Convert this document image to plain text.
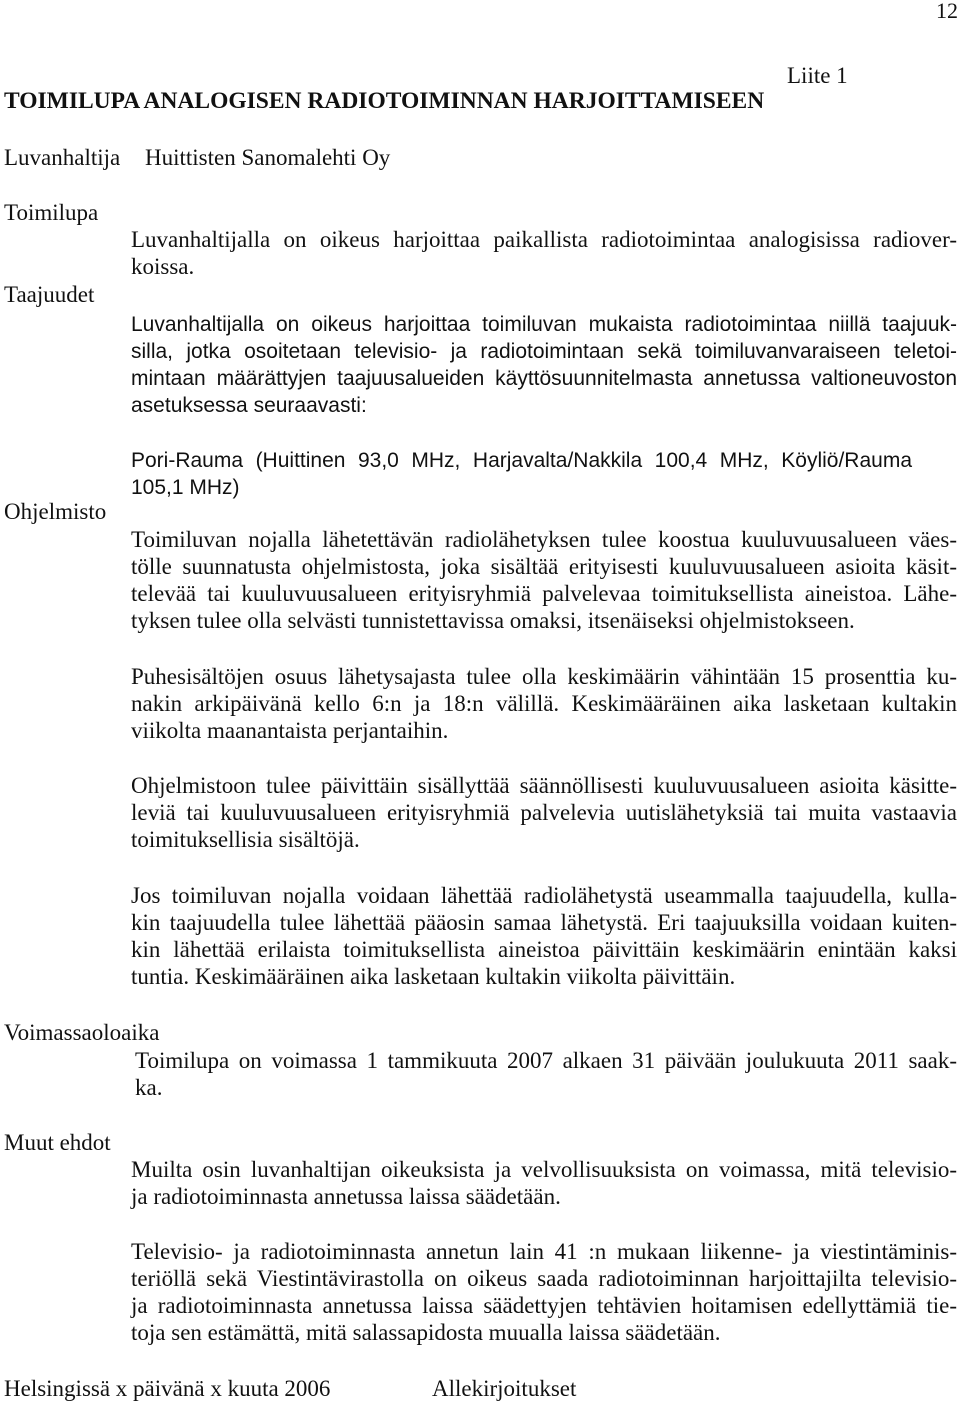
12
Liite 1
TOIMILUPA ANALOGISEN RADIOTOIMINNAN HARJOITTAMISEEN
Luvanhaltija Huittisten Sanomalehti Oy
Toimilupa
Luvanhaltijalla on oikeus harjoittaa paikallista radiotoimintaa analogisissa radiover-
koissa.
Taajuudet
Luvanhaltijalla on oikeus harjoittaa toimiluvan mukaista radiotoimintaa niillä taajuuk-
silla, jotka osoitetaan televisio- ja radiotoimintaan sekä toimiluvanvaraiseen teletoi-
mintaan määrättyjen taajuusalueiden käyttösuunnitelmasta annetussa valtioneuvoston
asetuksessa seuraavasti:
Pori-Rauma (Huittinen 93,0 MHz, Harjavalta/Nakkila 100,4 MHz, Köyliö/Rauma
105,1 MHz)
Ohjelmisto
Toimiluvan nojalla lähetettävän radiolähetyksen tulee koostua kuuluvuusalueen väes-
tölle suunnatusta ohjelmistosta, joka sisältää erityisesti kuuluvuusalueen asioita käsit-
televää tai kuuluvuusalueen erityisryhmiä palvelevaa toimituksellista aineistoa. Lähe-
tyksen tulee olla selvästi tunnistettavissa omaksi, itsenäiseksi ohjelmistokseen.
Puhesisältöjen osuus lähetysajasta tulee olla keskimäärin vähintään 15 prosenttia ku-
nakin arkipäivänä kello 6:n ja 18:n välillä. Keskimääräinen aika lasketaan kultakin
viikolta maanantaista perjantaihin.
Ohjelmistoon tulee päivittäin sisällyttää säännöllisesti kuuluvuusalueen asioita käsitte-
leviä tai kuuluvuusalueen erityisryhmiä palvelevia uutislähetyksiä tai muita vastaavia
toimituksellisia sisältöjä.
Jos toimiluvan nojalla voidaan lähettää radiolähetystä useammalla taajuudella, kulla-
kin taajuudella tulee lähettää pääosin samaa lähetystä. Eri taajuuksilla voidaan kuiten-
kin lähettää erilaista toimituksellista aineistoa päivittäin keskimäärin enintään kaksi
tuntia. Keskimääräinen aika lasketaan kultakin viikolta päivittäin.
Voimassaoloaika
Toimilupa on voimassa 1 tammikuuta 2007 alkaen 31 päivään joulukuuta 2011 saak-
ka.
Muut ehdot
Muilta osin luvanhaltijan oikeuksista ja velvollisuuksista on voimassa, mitä televisio-
ja radiotoiminnasta annetussa laissa säädetään.
Televisio- ja radiotoiminnasta annetun lain 41 :n mukaan liikenne- ja viestintäminis-
teriöllä sekä Viestintävirastolla on oikeus saada radiotoiminnan harjoittajilta televisio-
ja radiotoiminnasta annetussa laissa säädettyjen tehtävien hoitamisen edellyttämiä tie-
toja sen estämättä, mitä salassapidosta muualla laissa säädetään.
Helsingissä x päivänä x kuuta 2006	Allekirjoitukset
